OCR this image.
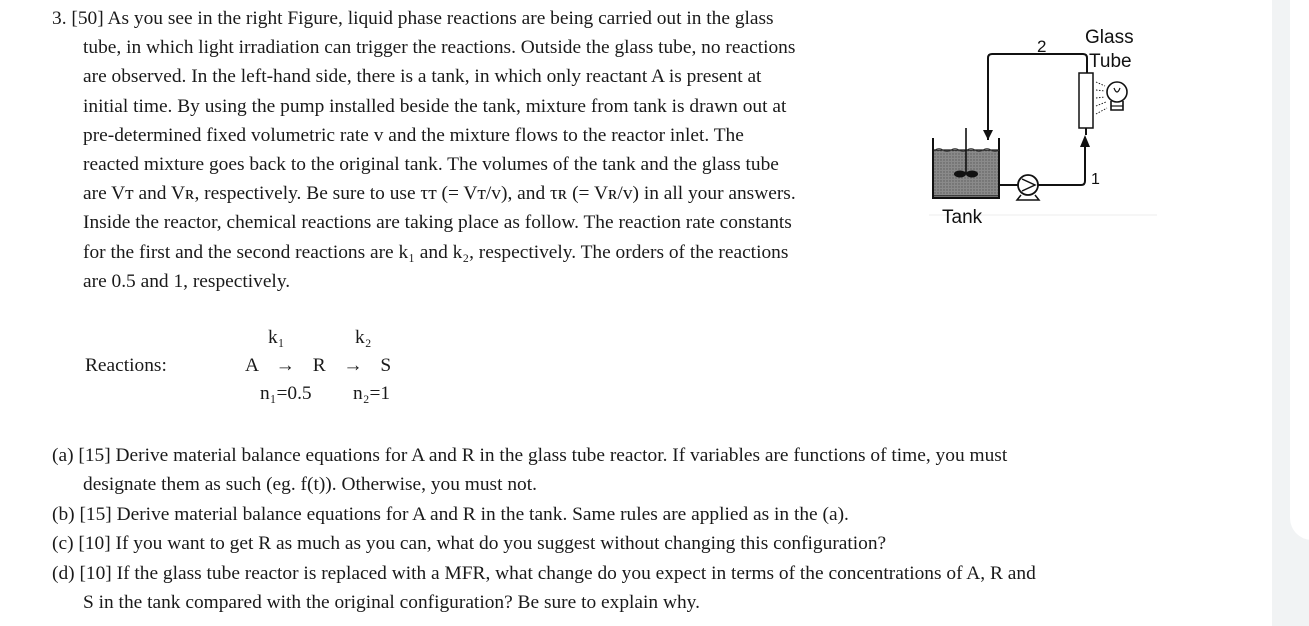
3. [50] As you see in the right Figure, liquid phase reactions are being carried out in the glass
tube, in which light irradiation can trigger the reactions. Outside the glass tube, no reactions
are observed. In the left-hand side, there is a tank, in which only reactant A is present at
initial time. By using the pump installed beside the tank, mixture from tank is drawn out at
pre-determined fixed volumetric rate v and the mixture flows to the reactor inlet. The
reacted mixture goes back to the original tank. The volumes of the tank and the glass tube
are Vᴛ and Vʀ, respectively. Be sure to use τᴛ (= Vᴛ/v), and τʀ (= Vʀ/v) in all your answers.
Inside the reactor, chemical reactions are taking place as follow. The reaction rate constants
for the first and the second reactions are k₁ and k₂, respectively. The orders of the reactions
are 0.5 and 1, respectively.
Reactions:
k₁	k₂
A  →  R  →  S
n₁=0.5 n₂=1
(a) [15] Derive material balance equations for A and R in the glass tube reactor. If variables are functions of time, you must
designate them as such (eg. f(t)). Otherwise, you must not.
(b) [15] Derive material balance equations for A and R in the tank. Same rules are applied as in the (a).
(c) [10] If you want to get R as much as you can, what do you suggest without changing this configuration?
(d) [10] If the glass tube reactor is replaced with a MFR, what change do you expect in terms of the concentrations of A, R and
S in the tank compared with the original configuration? Be sure to explain why.
2 Glass
Tube
1
Tank
